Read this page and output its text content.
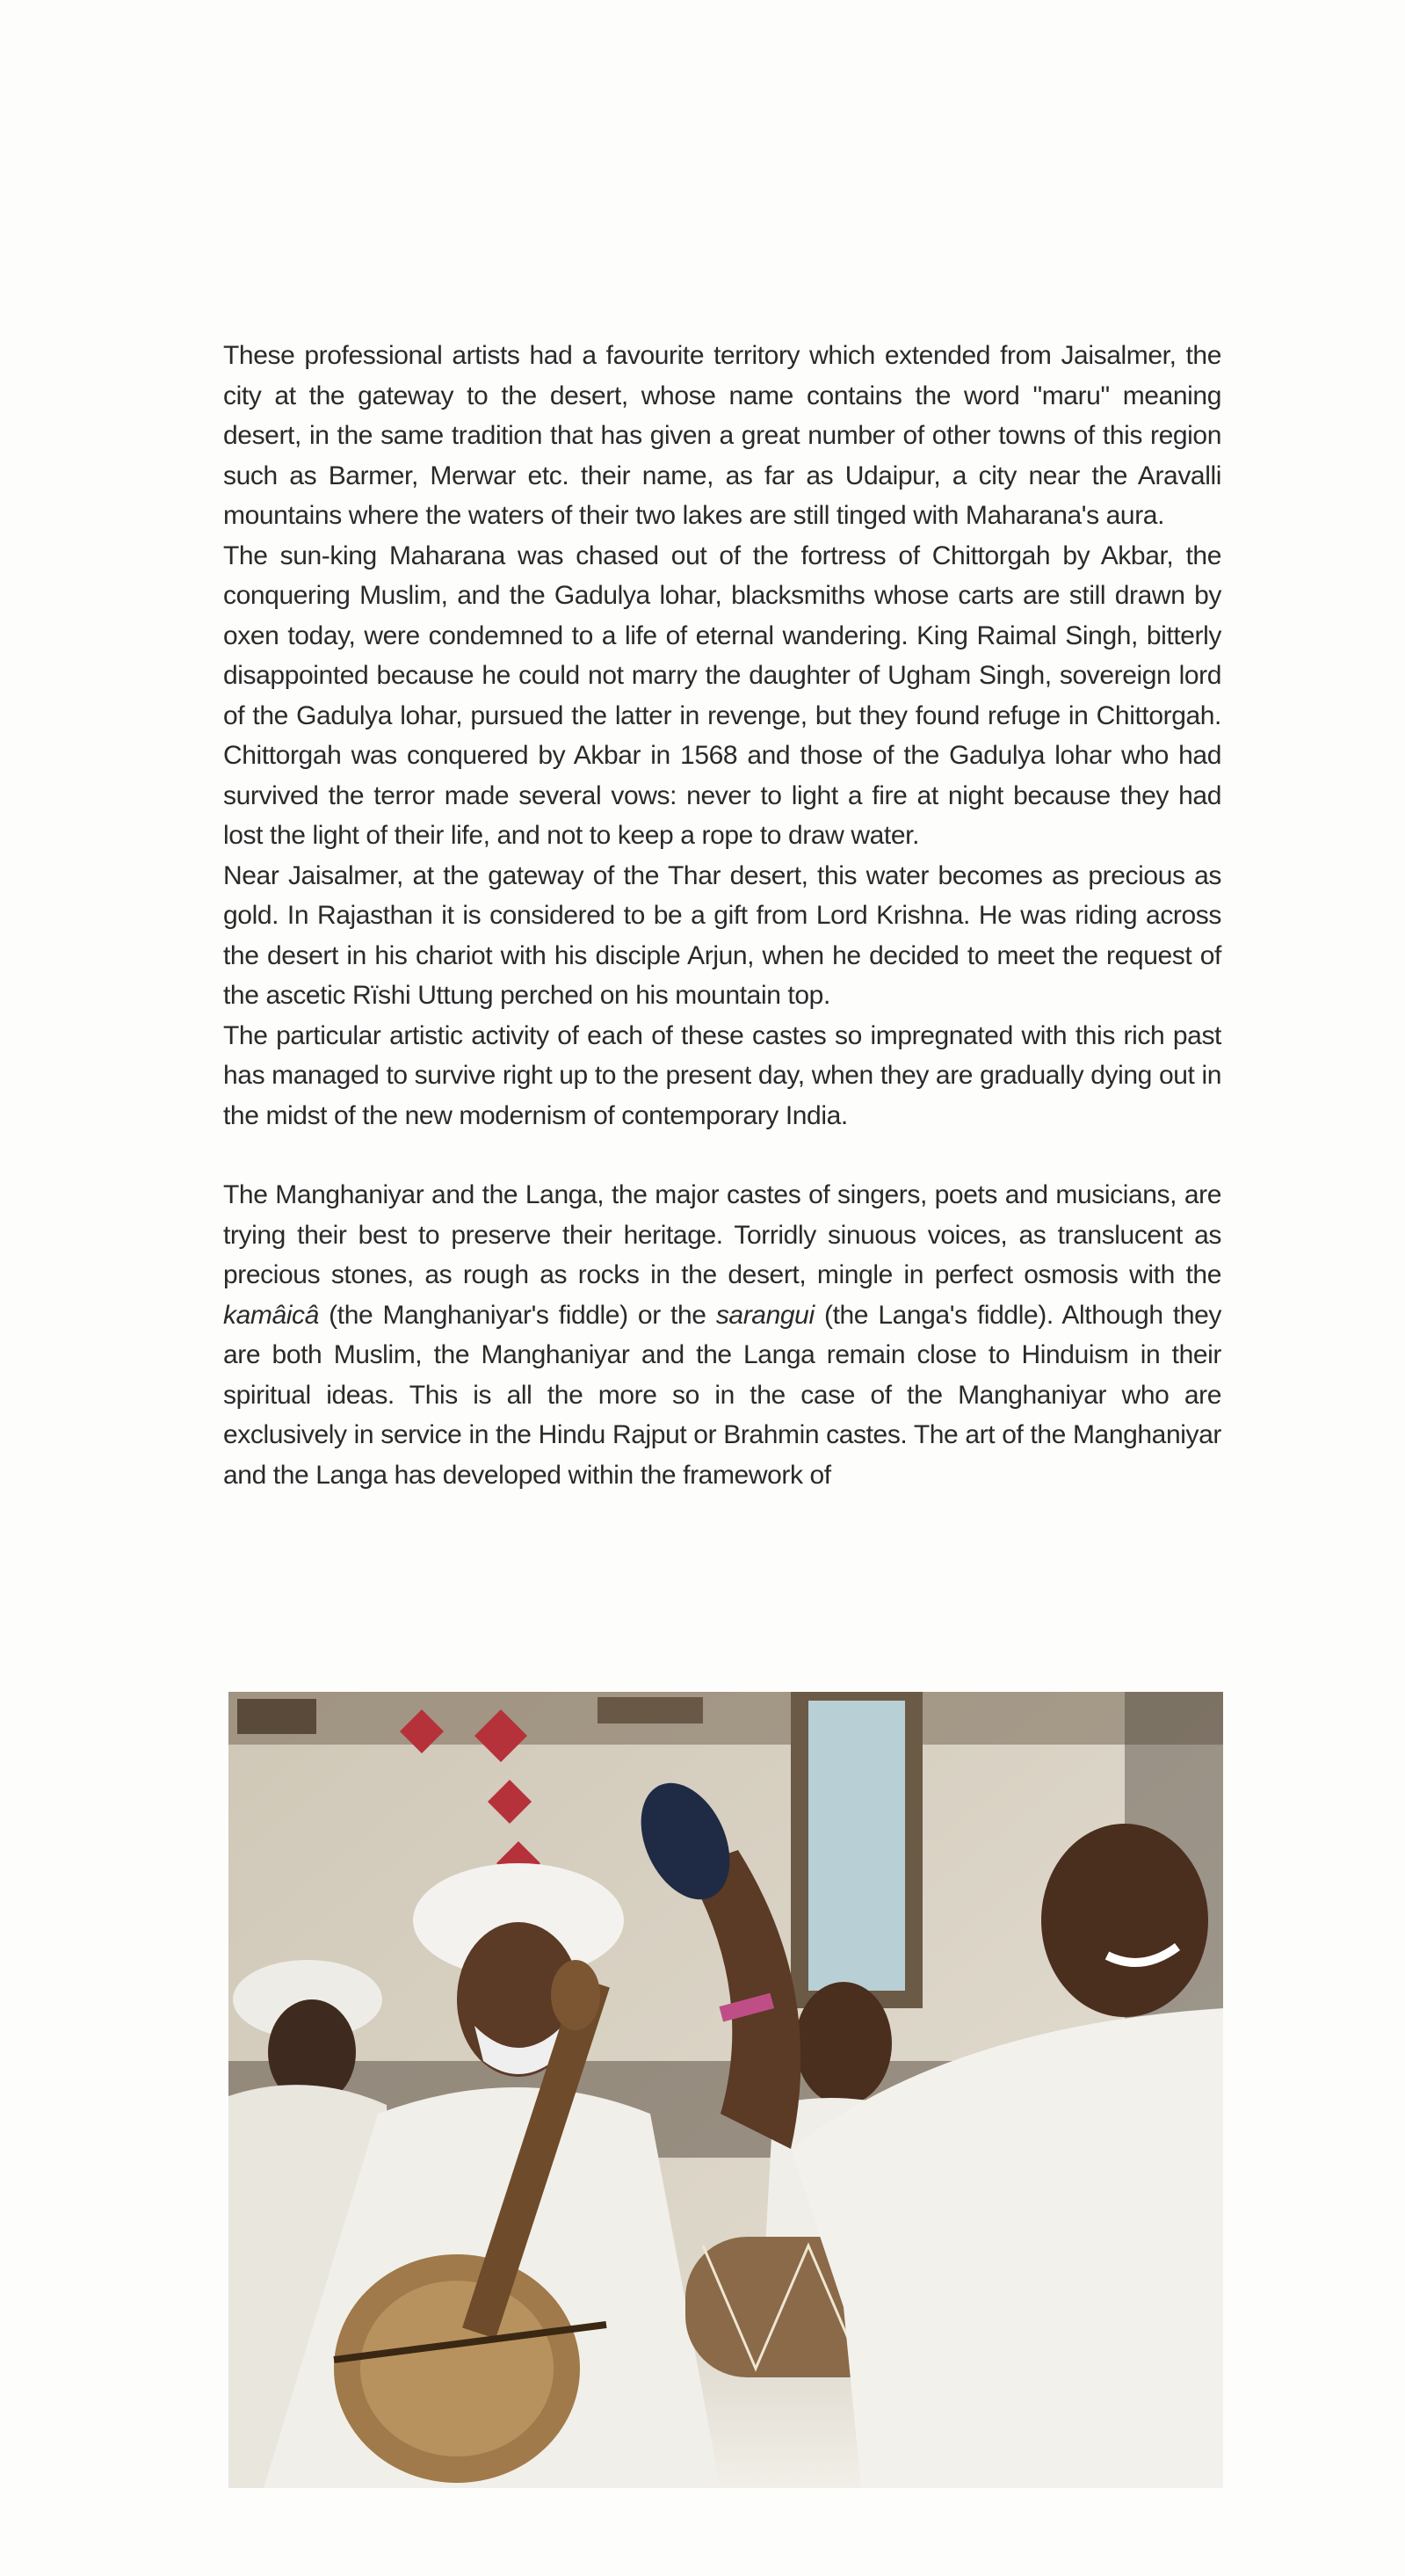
These professional artists had a favourite territory which extended from Jaisalmer, the city at the gateway to the desert, whose name contains the word "maru" meaning desert, in the same tradition that has given a great number of other towns of this region such as Barmer, Merwar etc. their name, as far as Udaipur, a city near the Aravalli mountains where the waters of their two lakes are still tinged with Maharana's aura.

The sun-king Maharana was chased out of the fortress of Chittorgah by Akbar, the conquering Muslim, and the Gadulya lohar, blacksmiths whose carts are still drawn by oxen today, were condemned to a life of eternal wandering. King Raimal Singh, bitterly disappointed because he could not marry the daughter of Ugham Singh, sovereign lord of the Gadulya lohar, pursued the latter in revenge, but they found refuge in Chittorgah. Chittorgah was conquered by Akbar in 1568 and those of the Gadulya lohar who had survived the terror made several vows: never to light a fire at night because they had lost the light of their life, and not to keep a rope to draw water.

Near Jaisalmer, at the gateway of the Thar desert, this water becomes as precious as gold. In Rajasthan it is considered to be a gift from Lord Krishna. He was riding across the desert in his chariot with his disciple Arjun, when he decided to meet the request of the ascetic Rïshi Uttung perched on his mountain top.

The particular artistic activity of each of these castes so impregnated with this rich past has managed to survive right up to the present day, when they are gradually dying out in the midst of the new modernism of contemporary India.

The Manghaniyar and the Langa, the major castes of singers, poets and musicians, are trying their best to preserve their heritage. Torridly sinuous voices, as translucent as precious stones, as rough as rocks in the desert, mingle in perfect osmosis with the kamâicâ (the Manghaniyar's fiddle) or the sarangui (the Langa's fiddle). Although they are both Muslim, the Manghaniyar and the Langa remain close to Hinduism in their spiritual ideas. This is all the more so in the case of the Manghaniyar who are exclusively in service in the Hindu Rajput or Brahmin castes. The art of the Manghaniyar and the Langa has developed within the framework of
